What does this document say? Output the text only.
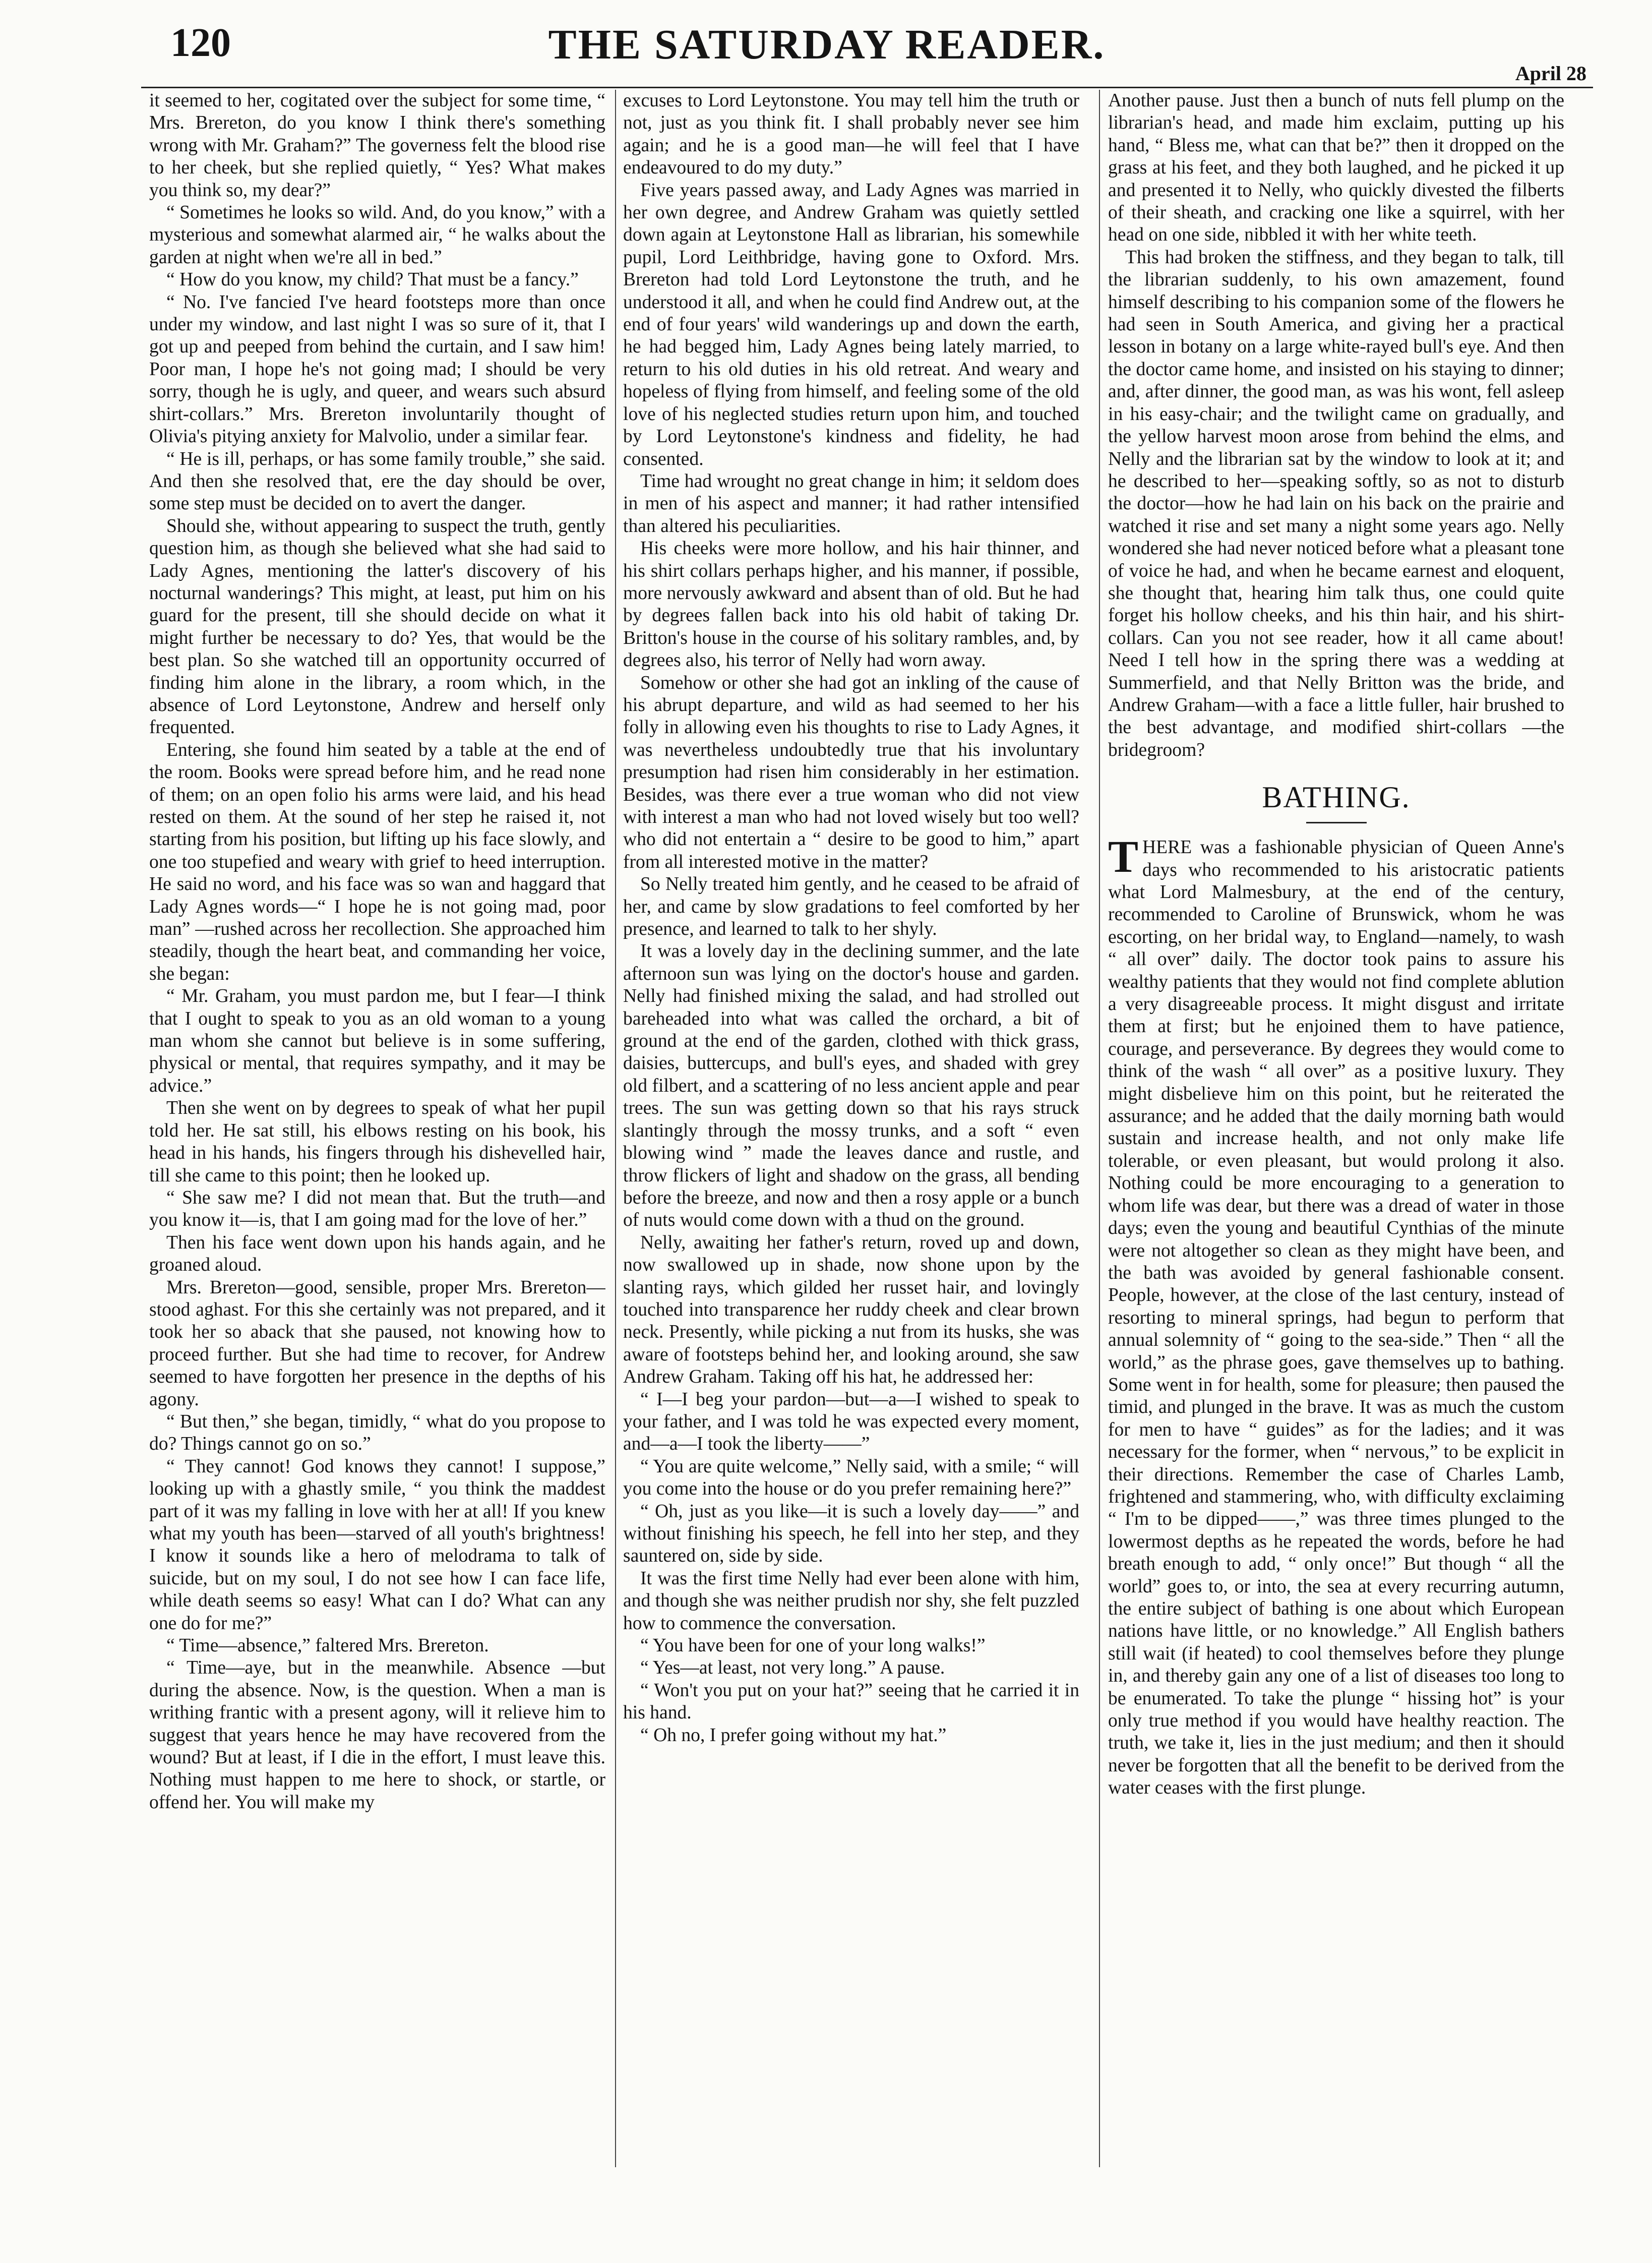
120	THE SATURDAY READER.
April 28

it seemed to her, cogitated over the subject for some time, “ Mrs. Brereton, do you know I think there's something wrong with Mr. Graham?” The governess felt the blood rise to her cheek, but she replied quietly, “ Yes? What makes you think so, my dear?”

“ Sometimes he looks so wild. And, do you know,” with a mysterious and somewhat alarmed air, “ he walks about the garden at night when we're all in bed.”

“ How do you know, my child? That must be a fancy.”

“ No. I've fancied I've heard footsteps more than once under my window, and last night I was so sure of it, that I got up and peeped from behind the curtain, and I saw him! Poor man, I hope he's not going mad; I should be very sorry, though he is ugly, and queer, and wears such absurd shirt-collars.” Mrs. Brereton involuntarily thought of Olivia's pitying anxiety for Malvolio, under a similar fear.

“ He is ill, perhaps, or has some family trouble,” she said. And then she resolved that, ere the day should be over, some step must be decided on to avert the danger.

Should she, without appearing to suspect the truth, gently question him, as though she believed what she had said to Lady Agnes, mentioning the latter's discovery of his nocturnal wanderings? This might, at least, put him on his guard for the present, till she should decide on what it might further be necessary to do? Yes, that would be the best plan. So she watched till an opportunity occurred of finding him alone in the library, a room which, in the absence of Lord Leytonstone, Andrew and herself only frequented.

Entering, she found him seated by a table at the end of the room. Books were spread before him, and he read none of them; on an open folio his arms were laid, and his head rested on them. At the sound of her step he raised it, not starting from his position, but lifting up his face slowly, and one too stupefied and weary with grief to heed interruption. He said no word, and his face was so wan and haggard that Lady Agnes words—“ I hope he is not going mad, poor man” —rushed across her recollection. She approached him steadily, though the heart beat, and commanding her voice, she began:

“ Mr. Graham, you must pardon me, but I fear—I think that I ought to speak to you as an old woman to a young man whom she cannot but believe is in some suffering, physical or mental, that requires sympathy, and it may be advice.”

Then she went on by degrees to speak of what her pupil told her. He sat still, his elbows resting on his book, his head in his hands, his fingers through his dishevelled hair, till she came to this point; then he looked up.

“ She saw me? I did not mean that. But the truth—and you know it—is, that I am going mad for the love of her.”

Then his face went down upon his hands again, and he groaned aloud.

Mrs. Brereton—good, sensible, proper Mrs. Brereton—stood aghast. For this she certainly was not prepared, and it took her so aback that she paused, not knowing how to proceed further. But she had time to recover, for Andrew seemed to have forgotten her presence in the depths of his agony.

“ But then,” she began, timidly, “ what do you propose to do? Things cannot go on so.”

“ They cannot! God knows they cannot! I suppose,” looking up with a ghastly smile, “ you think the maddest part of it was my falling in love with her at all! If you knew what my youth has been—starved of all youth's brightness! I know it sounds like a hero of melodrama to talk of suicide, but on my soul, I do not see how I can face life, while death seems so easy! What can I do? What can any one do for me?”

“ Time—absence,” faltered Mrs. Brereton.

“ Time—aye, but in the meanwhile. Absence —but during the absence. Now, is the question. When a man is writhing frantic with a present agony, will it relieve him to suggest that years hence he may have recovered from the wound? But at least, if I die in the effort, I must leave this. Nothing must happen to me here to shock, or startle, or offend her. You will make my

excuses to Lord Leytonstone. You may tell him the truth or not, just as you think fit. I shall probably never see him again; and he is a good man—he will feel that I have endeavoured to do my duty.”

Five years passed away, and Lady Agnes was married in her own degree, and Andrew Graham was quietly settled down again at Leytonstone Hall as librarian, his somewhile pupil, Lord Leithbridge, having gone to Oxford. Mrs. Brereton had told Lord Leytonstone the truth, and he understood it all, and when he could find Andrew out, at the end of four years' wild wanderings up and down the earth, he had begged him, Lady Agnes being lately married, to return to his old duties in his old retreat. And weary and hopeless of flying from himself, and feeling some of the old love of his neglected studies return upon him, and touched by Lord Leytonstone's kindness and fidelity, he had consented.

Time had wrought no great change in him; it seldom does in men of his aspect and manner; it had rather intensified than altered his peculiarities.

His cheeks were more hollow, and his hair thinner, and his shirt collars perhaps higher, and his manner, if possible, more nervously awkward and absent than of old. But he had by degrees fallen back into his old habit of taking Dr. Britton's house in the course of his solitary rambles, and, by degrees also, his terror of Nelly had worn away.

Somehow or other she had got an inkling of the cause of his abrupt departure, and wild as had seemed to her his folly in allowing even his thoughts to rise to Lady Agnes, it was nevertheless undoubtedly true that his involuntary presumption had risen him considerably in her estimation. Besides, was there ever a true woman who did not view with interest a man who had not loved wisely but too well? who did not entertain a “ desire to be good to him,” apart from all interested motive in the matter?

So Nelly treated him gently, and he ceased to be afraid of her, and came by slow gradations to feel comforted by her presence, and learned to talk to her shyly.

It was a lovely day in the declining summer, and the late afternoon sun was lying on the doctor's house and garden. Nelly had finished mixing the salad, and had strolled out bareheaded into what was called the orchard, a bit of ground at the end of the garden, clothed with thick grass, daisies, buttercups, and bull's eyes, and shaded with grey old filbert, and a scattering of no less ancient apple and pear trees. The sun was getting down so that his rays struck slantingly through the mossy trunks, and a soft “ even blowing wind ” made the leaves dance and rustle, and throw flickers of light and shadow on the grass, all bending before the breeze, and now and then a rosy apple or a bunch of nuts would come down with a thud on the ground.

Nelly, awaiting her father's return, roved up and down, now swallowed up in shade, now shone upon by the slanting rays, which gilded her russet hair, and lovingly touched into transparence her ruddy cheek and clear brown neck. Presently, while picking a nut from its husks, she was aware of footsteps behind her, and looking around, she saw Andrew Graham. Taking off his hat, he addressed her:

“ I—I beg your pardon—but—a—I wished to speak to your father, and I was told he was expected every moment, and—a—I took the liberty——”

“ You are quite welcome,” Nelly said, with a smile; “ will you come into the house or do you prefer remaining here?”

“ Oh, just as you like—it is such a lovely day——” and without finishing his speech, he fell into her step, and they sauntered on, side by side.

It was the first time Nelly had ever been alone with him, and though she was neither prudish nor shy, she felt puzzled how to commence the conversation.

“ You have been for one of your long walks!”

“ Yes—at least, not very long.” A pause.

“ Won't you put on your hat?” seeing that he carried it in his hand.

“ Oh no, I prefer going without my hat.”

Another pause. Just then a bunch of nuts fell plump on the librarian's head, and made him exclaim, putting up his hand, “ Bless me, what can that be?” then it dropped on the grass at his feet, and they both laughed, and he picked it up and presented it to Nelly, who quickly divested the filberts of their sheath, and cracking one like a squirrel, with her head on one side, nibbled it with her white teeth.

This had broken the stiffness, and they began to talk, till the librarian suddenly, to his own amazement, found himself describing to his companion some of the flowers he had seen in South America, and giving her a practical lesson in botany on a large white-rayed bull's eye. And then the doctor came home, and insisted on his staying to dinner; and, after dinner, the good man, as was his wont, fell asleep in his easy-chair; and the twilight came on gradually, and the yellow harvest moon arose from behind the elms, and Nelly and the librarian sat by the window to look at it; and he described to her—speaking softly, so as not to disturb the doctor—how he had lain on his back on the prairie and watched it rise and set many a night some years ago. Nelly wondered she had never noticed before what a pleasant tone of voice he had, and when he became earnest and eloquent, she thought that, hearing him talk thus, one could quite forget his hollow cheeks, and his thin hair, and his shirt-collars. Can you not see reader, how it all came about! Need I tell how in the spring there was a wedding at Summerfield, and that Nelly Britton was the bride, and Andrew Graham—with a face a little fuller, hair brushed to the best advantage, and modified shirt-collars —the bridegroom?

BATHING.

THERE was a fashionable physician of Queen Anne's days who recommended to his aristocratic patients what Lord Malmesbury, at the end of the century, recommended to Caroline of Brunswick, whom he was escorting, on her bridal way, to England—namely, to wash “ all over” daily. The doctor took pains to assure his wealthy patients that they would not find complete ablution a very disagreeable process. It might disgust and irritate them at first; but he enjoined them to have patience, courage, and perseverance. By degrees they would come to think of the wash “ all over” as a positive luxury. They might disbelieve him on this point, but he reiterated the assurance; and he added that the daily morning bath would sustain and increase health, and not only make life tolerable, or even pleasant, but would prolong it also. Nothing could be more encouraging to a generation to whom life was dear, but there was a dread of water in those days; even the young and beautiful Cynthias of the minute were not altogether so clean as they might have been, and the bath was avoided by general fashionable consent. People, however, at the close of the last century, instead of resorting to mineral springs, had begun to perform that annual solemnity of “ going to the sea-side.” Then “ all the world,” as the phrase goes, gave themselves up to bathing. Some went in for health, some for pleasure; then paused the timid, and plunged in the brave. It was as much the custom for men to have “ guides” as for the ladies; and it was necessary for the former, when “ nervous,” to be explicit in their directions. Remember the case of Charles Lamb, frightened and stammering, who, with difficulty exclaiming “ I'm to be dipped——,” was three times plunged to the lowermost depths as he repeated the words, before he had breath enough to add, “ only once!” But though “ all the world” goes to, or into, the sea at every recurring autumn, the entire subject of bathing is one about which European nations have little, or no knowledge.” All English bathers still wait (if heated) to cool themselves before they plunge in, and thereby gain any one of a list of diseases too long to be enumerated. To take the plunge “ hissing hot” is your only true method if you would have healthy reaction. The truth, we take it, lies in the just medium; and then it should never be forgotten that all the benefit to be derived from the water ceases with the first plunge.
